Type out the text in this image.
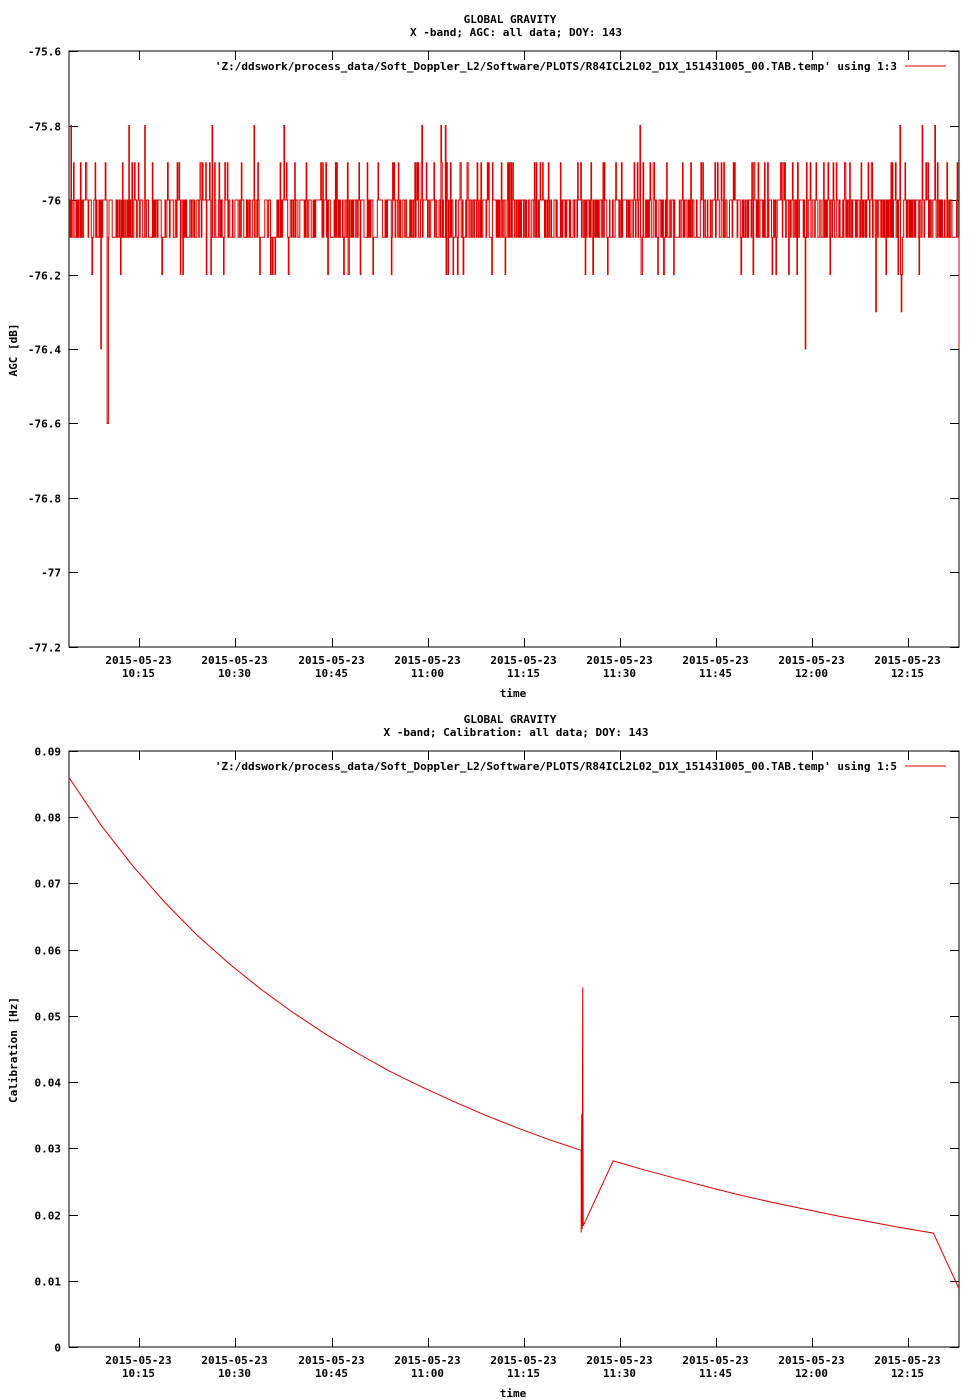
GLOBAL GRAVITY
X -band; AGC: all data; DOY: 143
'Z:/ddswork/process_data/Soft_Doppler_L2/Software/PLOTS/R84ICL2L02_D1X_151431005_00.TAB.temp' using 1:3
time
AGC [dB]
-75.6
-75.8
-76
-76.2
-76.4
-76.6
-76.8
-77
-77.2
2015-05-23
10:15
2015-05-23
10:30
2015-05-23
10:45
2015-05-23
11:00
2015-05-23
11:15
2015-05-23
11:30
2015-05-23
11:45
2015-05-23
12:00
2015-05-23
12:15
GLOBAL GRAVITY
X -band; Calibration: all data; DOY: 143
'Z:/ddswork/process_data/Soft_Doppler_L2/Software/PLOTS/R84ICL2L02_D1X_151431005_00.TAB.temp' using 1:5
time
Calibration [Hz]
0.09
0.08
0.07
0.06
0.05
0.04
0.03
0.02
0.01
0
2015-05-23
10:15
2015-05-23
10:30
2015-05-23
10:45
2015-05-23
11:00
2015-05-23
11:15
2015-05-23
11:30
2015-05-23
11:45
2015-05-23
12:00
2015-05-23
12:15
